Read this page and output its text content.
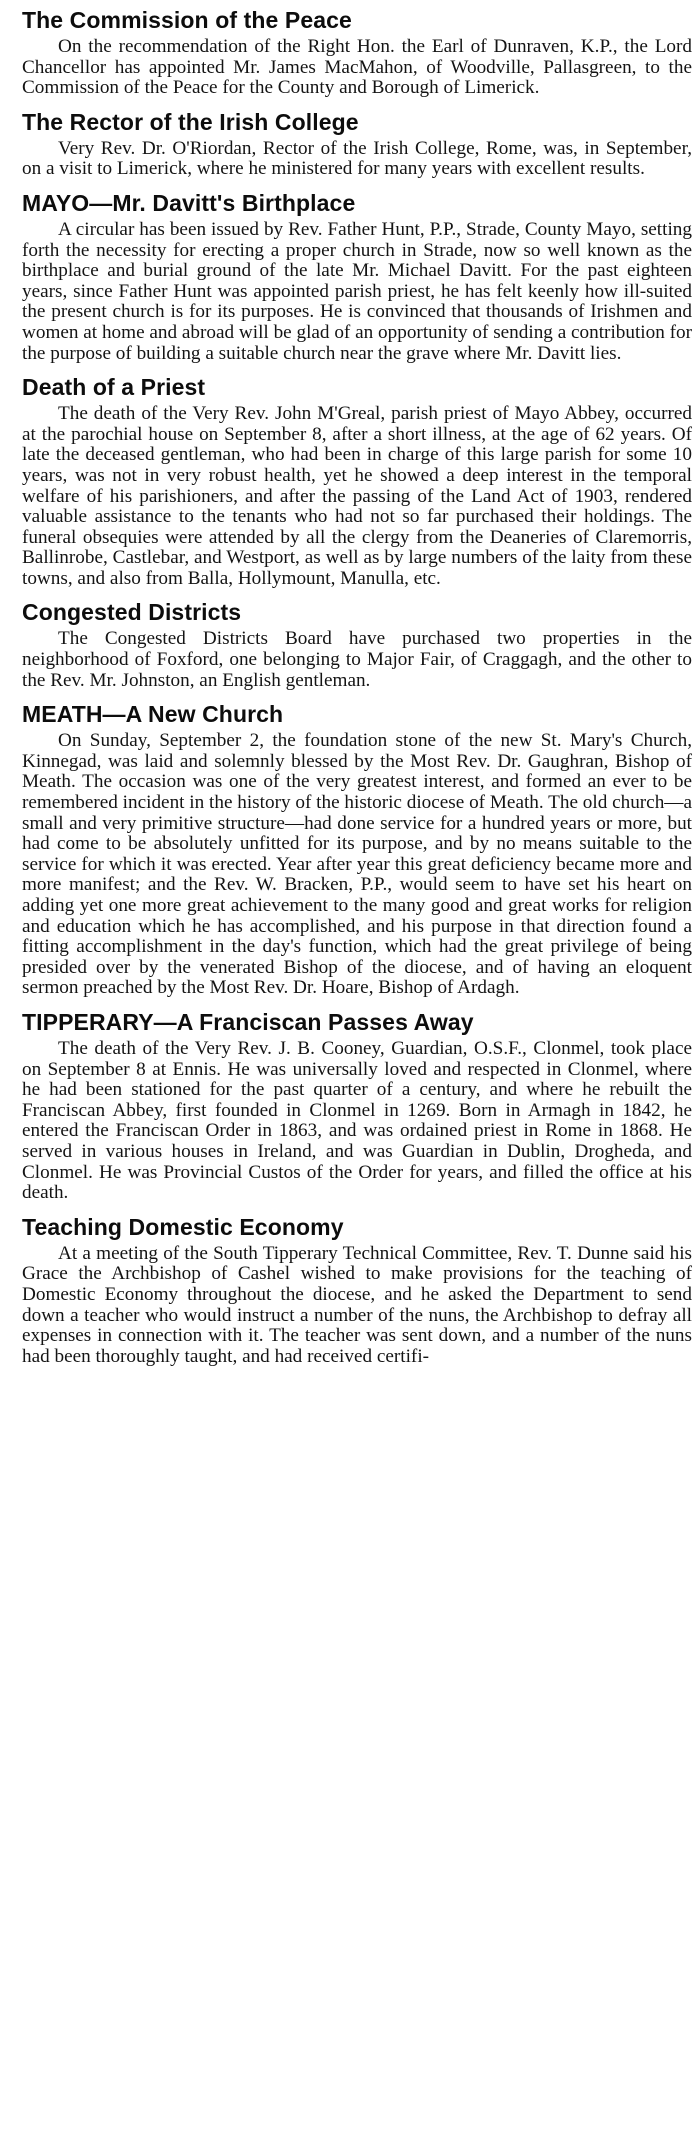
The Commission of the Peace

On the recommendation of the Right Hon. the Earl of Dunraven, K.P., the Lord Chancellor has appointed Mr. James MacMahon, of Woodville, Pallasgreen, to the Commission of the Peace for the County and Borough of Limerick.

The Rector of the Irish College

Very Rev. Dr. O'Riordan, Rector of the Irish College, Rome, was, in September, on a visit to Limerick, where he ministered for many years with excellent results.

MAYO—Mr. Davitt's Birthplace

A circular has been issued by Rev. Father Hunt, P.P., Strade, County Mayo, setting forth the necessity for erecting a proper church in Strade, now so well known as the birthplace and burial ground of the late Mr. Michael Davitt. For the past eighteen years, since Father Hunt was appointed parish priest, he has felt keenly how ill-suited the present church is for its purposes. He is convinced that thousands of Irishmen and women at home and abroad will be glad of an opportunity of sending a contribution for the purpose of building a suitable church near the grave where Mr. Davitt lies.

Death of a Priest

The death of the Very Rev. John M'Greal, parish priest of Mayo Abbey, occurred at the parochial house on September 8, after a short illness, at the age of 62 years. Of late the deceased gentleman, who had been in charge of this large parish for some 10 years, was not in very robust health, yet he showed a deep interest in the temporal welfare of his parishioners, and after the passing of the Land Act of 1903, rendered valuable assistance to the tenants who had not so far purchased their holdings. The funeral obsequies were attended by all the clergy from the Deaneries of Claremorris, Ballinrobe, Castlebar, and Westport, as well as by large numbers of the laity from these towns, and also from Balla, Hollymount, Manulla, etc.

Congested Districts

The Congested Districts Board have purchased two properties in the neighborhood of Foxford, one belonging to Major Fair, of Craggagh, and the other to the Rev. Mr. Johnston, an English gentleman.

MEATH—A New Church

On Sunday, September 2, the foundation stone of the new St. Mary's Church, Kinnegad, was laid and solemnly blessed by the Most Rev. Dr. Gaughran, Bishop of Meath. The occasion was one of the very greatest interest, and formed an ever to be remembered incident in the history of the historic diocese of Meath. The old church—a small and very primitive structure—had done service for a hundred years or more, but had come to be absolutely unfitted for its purpose, and by no means suitable to the service for which it was erected. Year after year this great deficiency became more and more manifest; and the Rev. W. Bracken, P.P., would seem to have set his heart on adding yet one more great achievement to the many good and great works for religion and education which he has accomplished, and his purpose in that direction found a fitting accomplishment in the day's function, which had the great privilege of being presided over by the venerated Bishop of the diocese, and of having an eloquent sermon preached by the Most Rev. Dr. Hoare, Bishop of Ardagh.

TIPPERARY—A Franciscan Passes Away

The death of the Very Rev. J. B. Cooney, Guardian, O.S.F., Clonmel, took place on September 8 at Ennis. He was universally loved and respected in Clonmel, where he had been stationed for the past quarter of a century, and where he rebuilt the Franciscan Abbey, first founded in Clonmel in 1269. Born in Armagh in 1842, he entered the Franciscan Order in 1863, and was ordained priest in Rome in 1868. He served in various houses in Ireland, and was Guardian in Dublin, Drogheda, and Clonmel. He was Provincial Custos of the Order for years, and filled the office at his death.

Teaching Domestic Economy

At a meeting of the South Tipperary Technical Committee, Rev. T. Dunne said his Grace the Archbishop of Cashel wished to make provisions for the teaching of Domestic Economy throughout the diocese, and he asked the Department to send down a teacher who would instruct a number of the nuns, the Archbishop to defray all expenses in connection with it. The teacher was sent down, and a number of the nuns had been thoroughly taught, and had received certifi-
